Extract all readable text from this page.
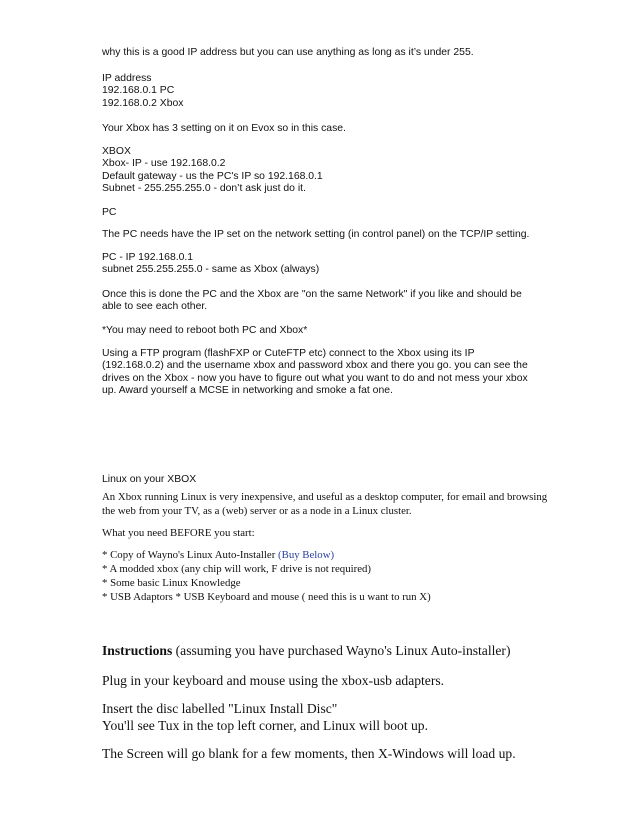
why this is a good IP address but you can use anything as long as it’s under 255.

IP address
192.168.0.1 PC
192.168.0.2 Xbox

Your Xbox has 3 setting on it on Evox so in this case.

XBOX
Xbox- IP - use 192.168.0.2
Default gateway - us the PC's IP so 192.168.0.1
Subnet - 255.255.255.0 - don’t ask just do it.

PC

The PC needs have the IP set on the network setting (in control panel) on the TCP/IP setting.

PC - IP 192.168.0.1
subnet 255.255.255.0 - same as Xbox (always)

Once this is done the PC and the Xbox are "on the same Network" if you like and should be
able to see each other.

*You may need to reboot both PC and Xbox*

Using a FTP program (flashFXP or CuteFTP etc) connect to the Xbox using its IP
(192.168.0.2) and the username xbox and password xbox and there you go. you can see the
drives on the Xbox - now you have to figure out what you want to do and not mess your xbox
up. Award yourself a MCSE in networking and smoke a fat one.

Linux on your XBOX

An Xbox running Linux is very inexpensive, and useful as a desktop computer, for email and browsing
the web from your TV, as a (web) server or as a node in a Linux cluster.

What you need BEFORE you start:

* Copy of Wayno's Linux Auto-Installer (Buy Below)
* A modded xbox (any chip will work, F drive is not required)
* Some basic Linux Knowledge
* USB Adaptors * USB Keyboard and mouse ( need this is u want to run X)

Instructions (assuming you have purchased Wayno's Linux Auto-installer)

Plug in your keyboard and mouse using the xbox-usb adapters.

Insert the disc labelled "Linux Install Disc"
You'll see Tux in the top left corner, and Linux will boot up.

The Screen will go blank for a few moments, then X-Windows will load up.
